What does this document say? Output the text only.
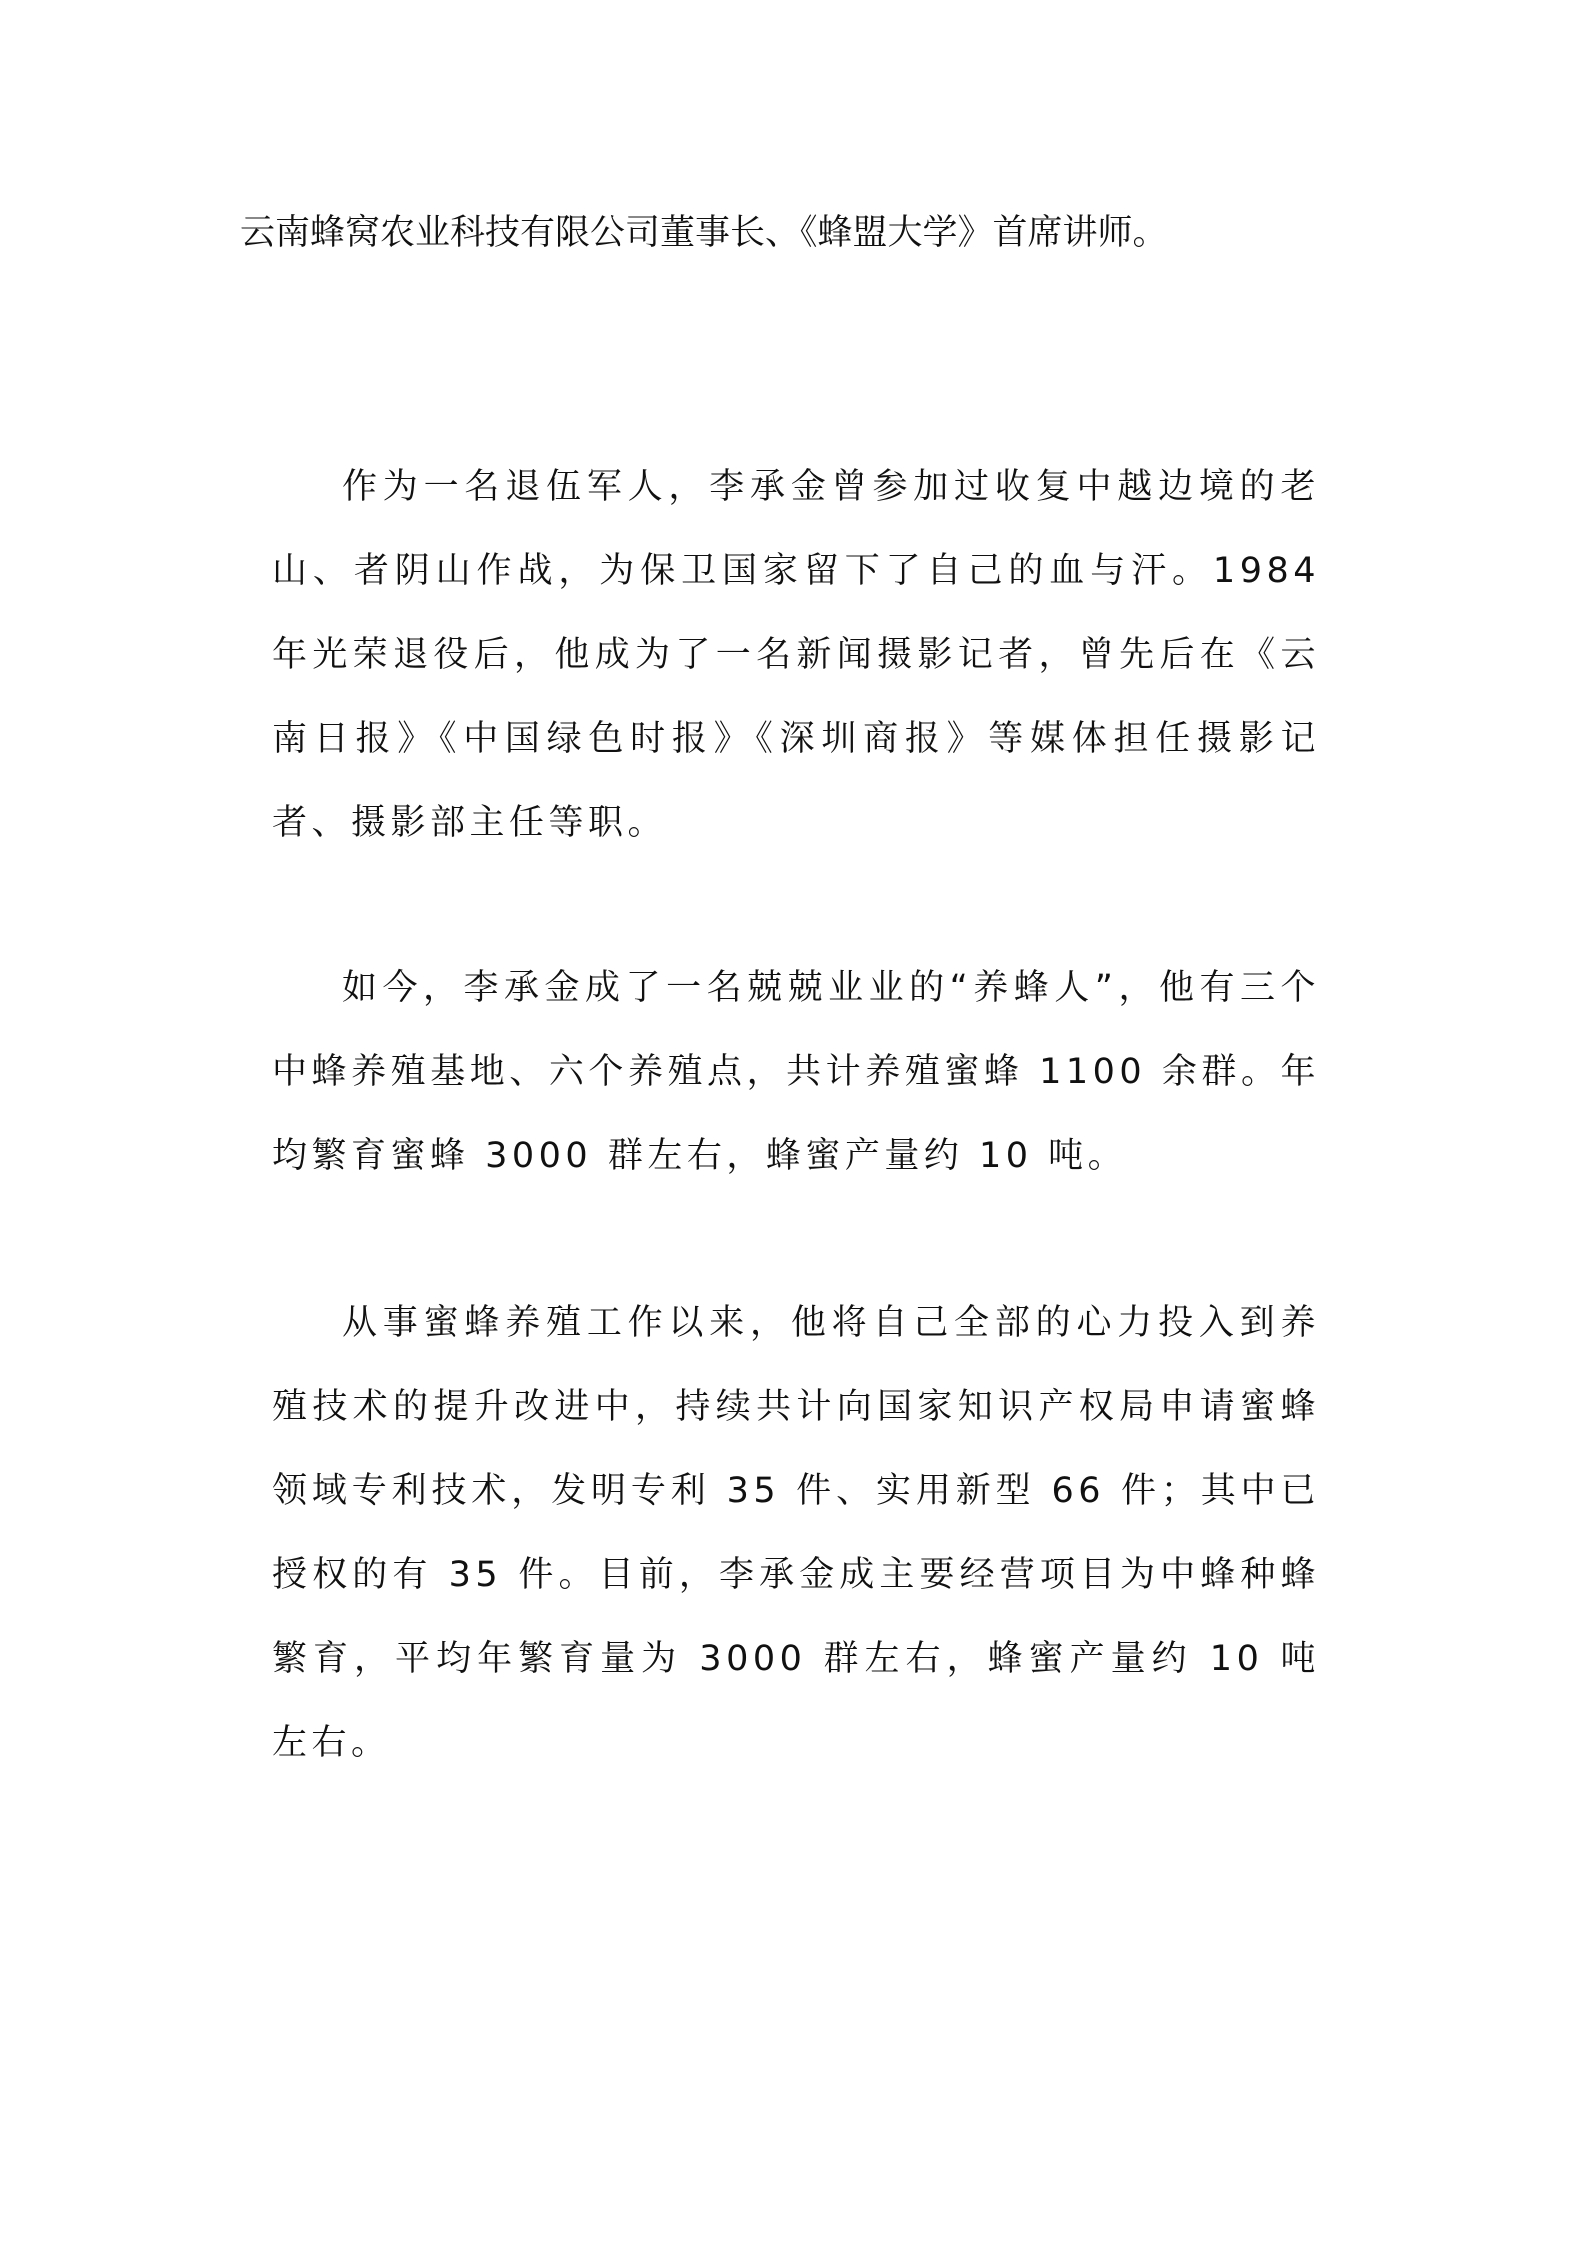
云南蜂窝农业科技有限公司董事长、《蜂盟大学》首席讲师。

作为一名退伍军人，李承金曾参加过收复中越边境的老山、者阴山作战，为保卫国家留下了自己的血与汗。1984 年光荣退役后，他成为了一名新闻摄影记者，曾先后在《云南日报》《中国绿色时报》《深圳商报》等媒体担任摄影记者、摄影部主任等职。

如今，李承金成了一名兢兢业业的“养蜂人”，他有三个中蜂养殖基地、六个养殖点，共计养殖蜜蜂 1100 余群。年均繁育蜜蜂 3000 群左右，蜂蜜产量约 10 吨。

从事蜜蜂养殖工作以来，他将自己全部的心力投入到养殖技术的提升改进中，持续共计向国家知识产权局申请蜜蜂领域专利技术，发明专利 35 件、实用新型 66 件；其中已授权的有 35 件。目前，李承金成主要经营项目为中蜂种蜂繁育，平均年繁育量为 3000 群左右，蜂蜜产量约 10 吨左右。
